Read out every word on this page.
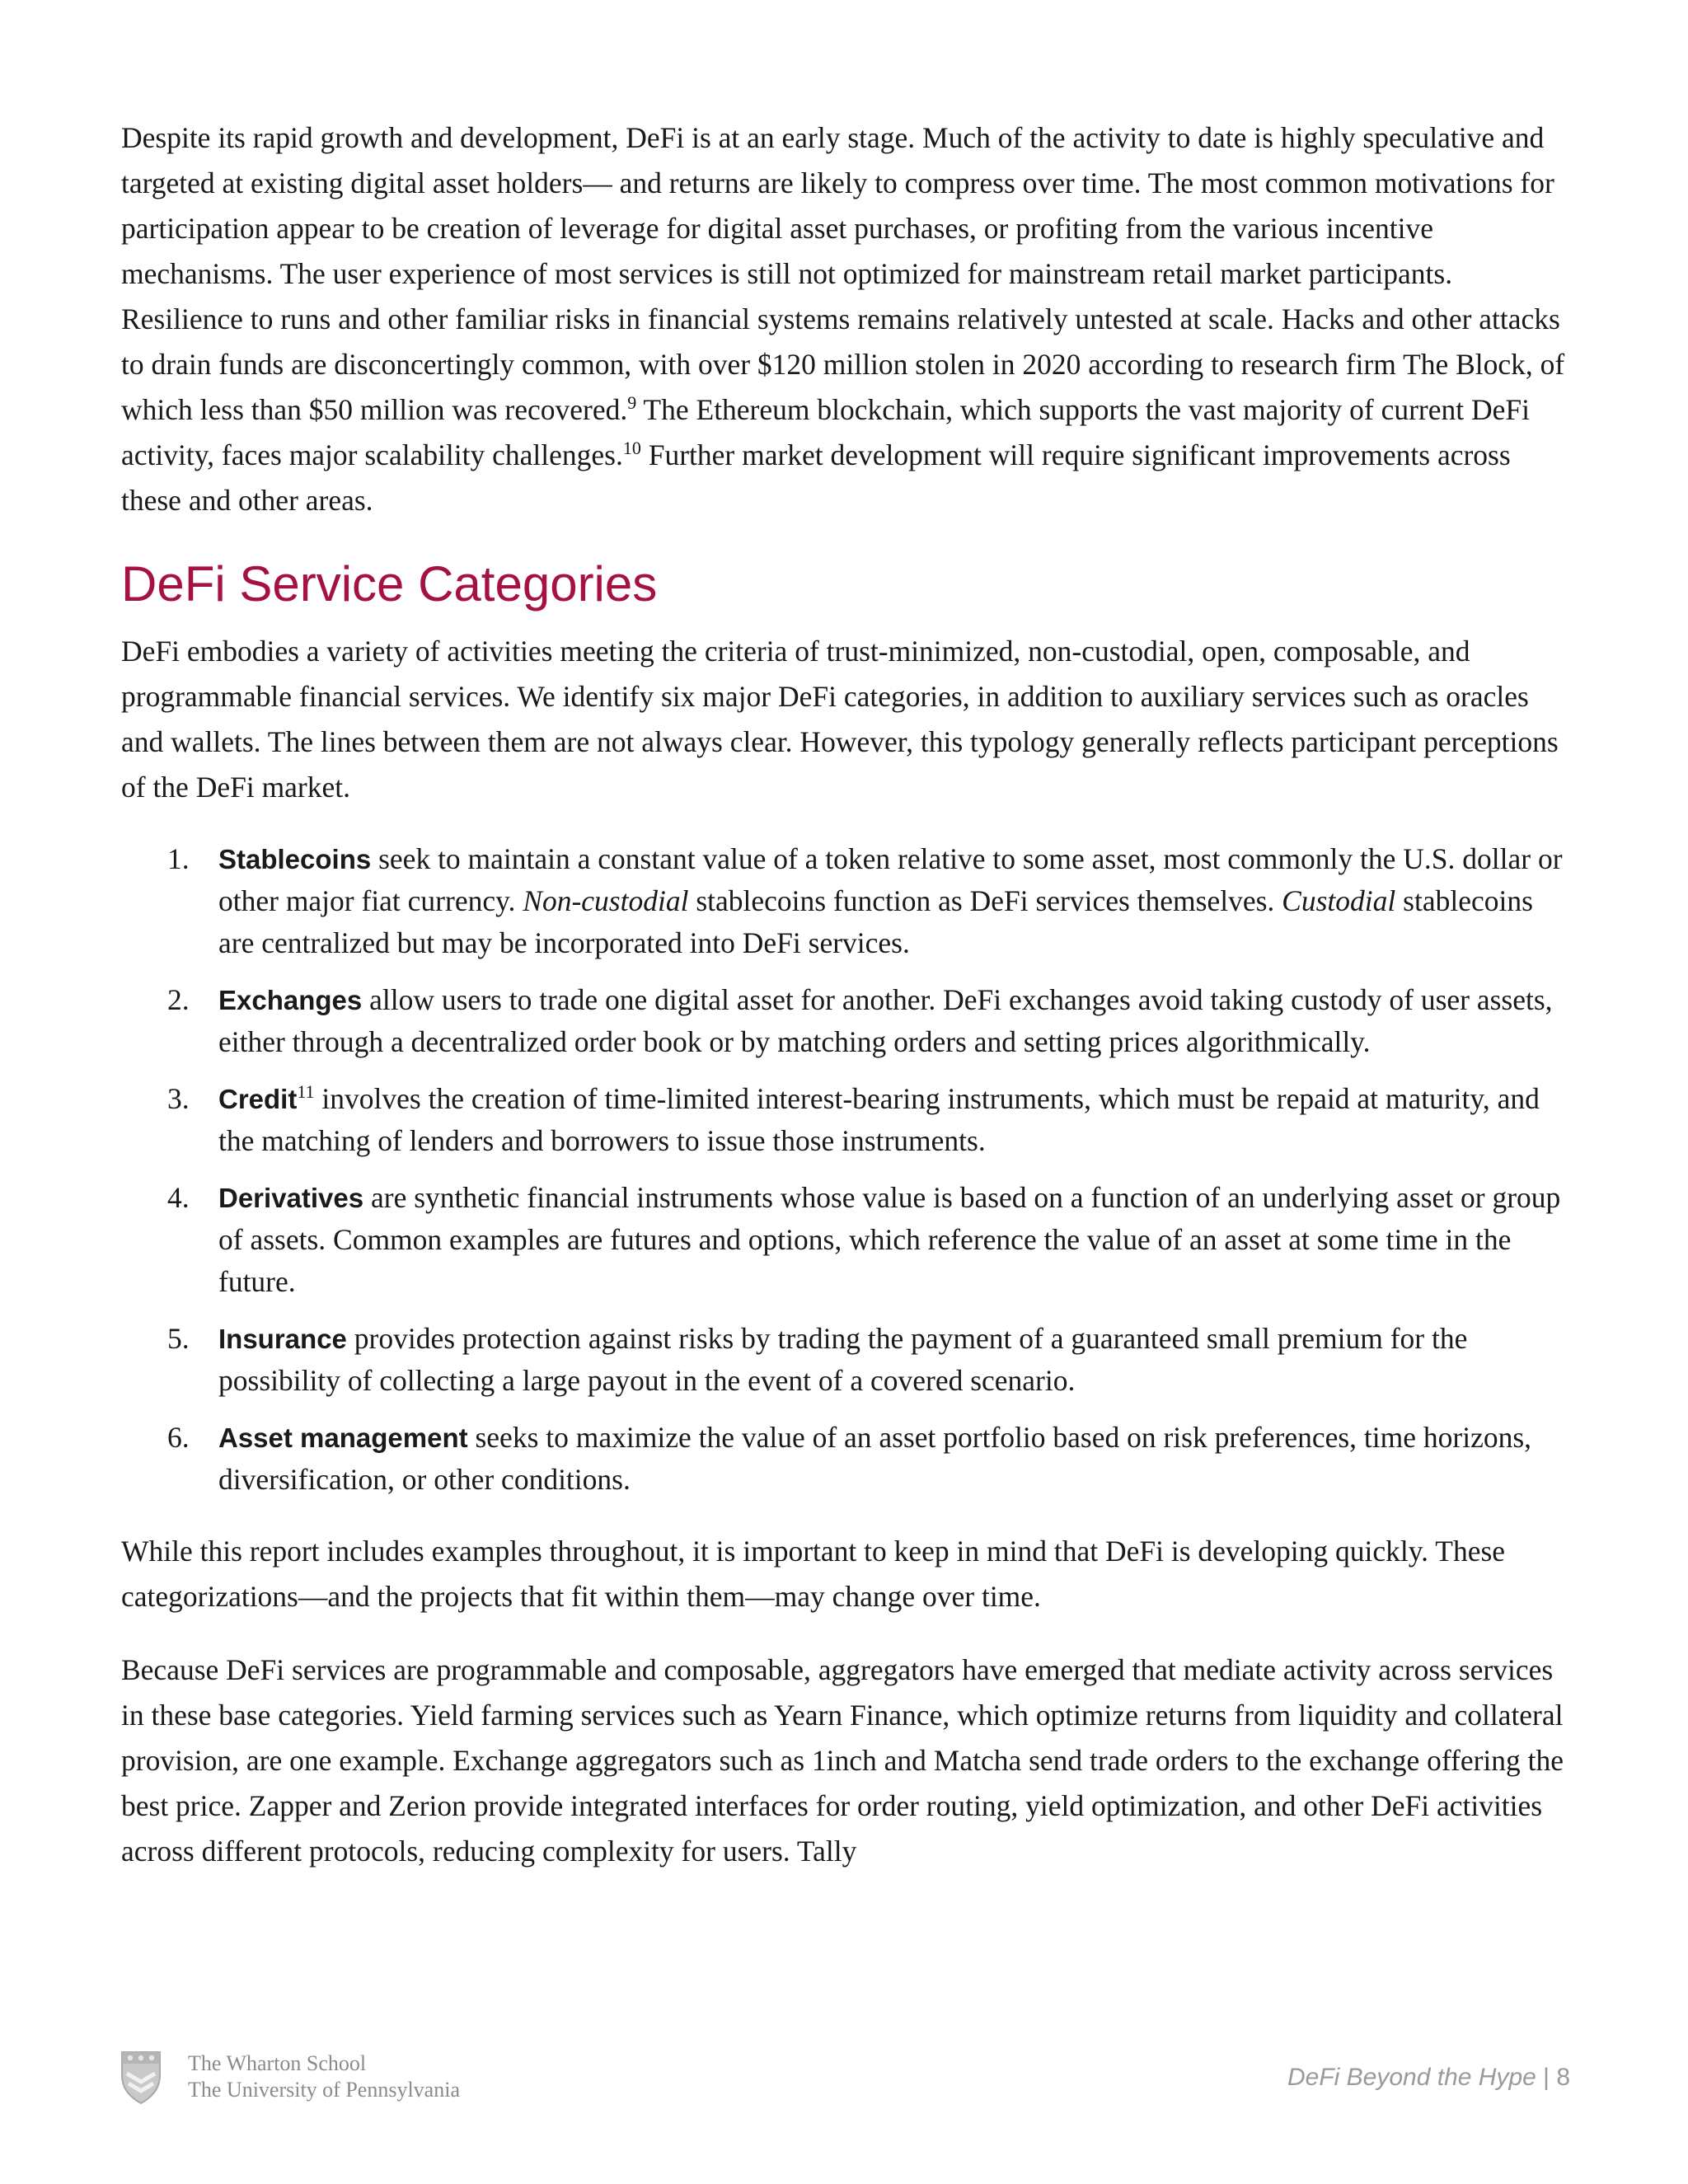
Despite its rapid growth and development, DeFi is at an early stage. Much of the activity to date is highly speculative and targeted at existing digital asset holders— and returns are likely to compress over time. The most common motivations for participation appear to be creation of leverage for digital asset purchases, or profiting from the various incentive mechanisms. The user experience of most services is still not optimized for mainstream retail market participants. Resilience to runs and other familiar risks in financial systems remains relatively untested at scale. Hacks and other attacks to drain funds are disconcertingly common, with over $120 million stolen in 2020 according to research firm The Block, of which less than $50 million was recovered.$^9$ The Ethereum blockchain, which supports the vast majority of current DeFi activity, faces major scalability challenges.$^{10}$ Further market development will require significant improvements across these and other areas.

DeFi Service Categories

DeFi embodies a variety of activities meeting the criteria of trust-minimized, non-custodial, open, composable, and programmable financial services. We identify six major DeFi categories, in addition to auxiliary services such as oracles and wallets. The lines between them are not always clear. However, this typology generally reflects participant perceptions of the DeFi market.

1. Stablecoins seek to maintain a constant value of a token relative to some asset, most commonly the U.S. dollar or other major fiat currency. Non-custodial stablecoins function as DeFi services themselves. Custodial stablecoins are centralized but may be incorporated into DeFi services.
2. Exchanges allow users to trade one digital asset for another. DeFi exchanges avoid taking custody of user assets, either through a decentralized order book or by matching orders and setting prices algorithmically.
3. Credit$^{11}$ involves the creation of time-limited interest-bearing instruments, which must be repaid at maturity, and the matching of lenders and borrowers to issue those instruments.
4. Derivatives are synthetic financial instruments whose value is based on a function of an underlying asset or group of assets. Common examples are futures and options, which reference the value of an asset at some time in the future.
5. Insurance provides protection against risks by trading the payment of a guaranteed small premium for the possibility of collecting a large payout in the event of a covered scenario.
6. Asset management seeks to maximize the value of an asset portfolio based on risk preferences, time horizons, diversification, or other conditions.

While this report includes examples throughout, it is important to keep in mind that DeFi is developing quickly. These categorizations—and the projects that fit within them—may change over time.

Because DeFi services are programmable and composable, aggregators have emerged that mediate activity across services in these base categories. Yield farming services such as Yearn Finance, which optimize returns from liquidity and collateral provision, are one example. Exchange aggregators such as 1inch and Matcha send trade orders to the exchange offering the best price. Zapper and Zerion provide integrated interfaces for order routing, yield optimization, and other DeFi activities across different protocols, reducing complexity for users. Tally

The Wharton School
The University of Pennsylvania	DeFi Beyond the Hype | 8
